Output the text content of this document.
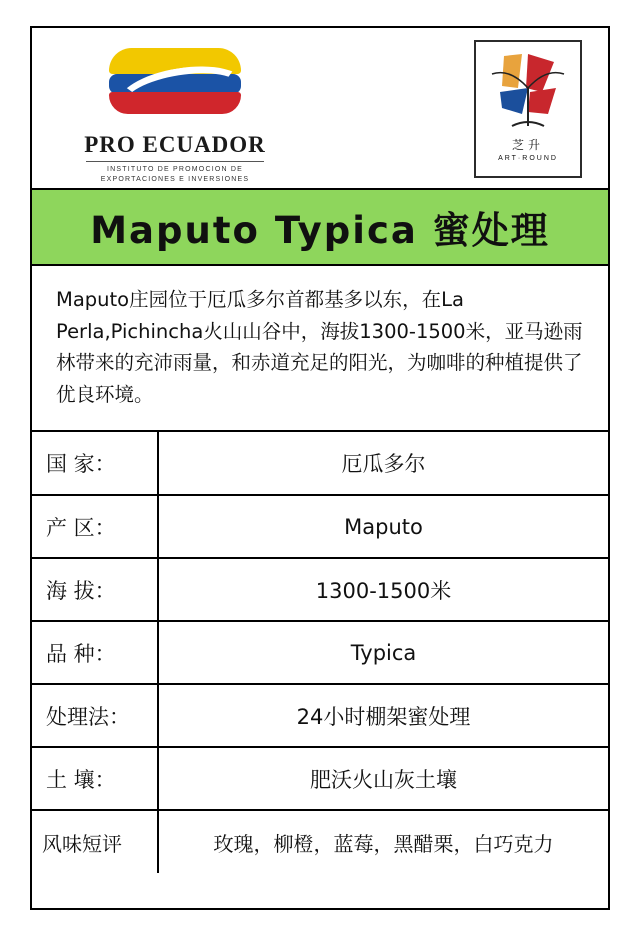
PRO ECUADOR
INSTITUTO DE PROMOCION DE
EXPORTACIONES E INVERSIONES
芝升
ART·ROUND
Maputo Typica 蜜处理
Maputo庄园位于厄瓜多尔首都基多以东，在La Perla,Pichincha火山山谷中，海拔1300-1500米，亚马逊雨林带来的充沛雨量，和赤道充足的阳光，为咖啡的种植提供了优良环境。
国 家：	厄瓜多尔
产 区：	Maputo
海 拔：	1300-1500米
品 种：	Typica
处理法：	24小时棚架蜜处理
土 壤：	肥沃火山灰土壤
风味短评	玫瑰，柳橙，蓝莓，黑醋栗，白巧克力
